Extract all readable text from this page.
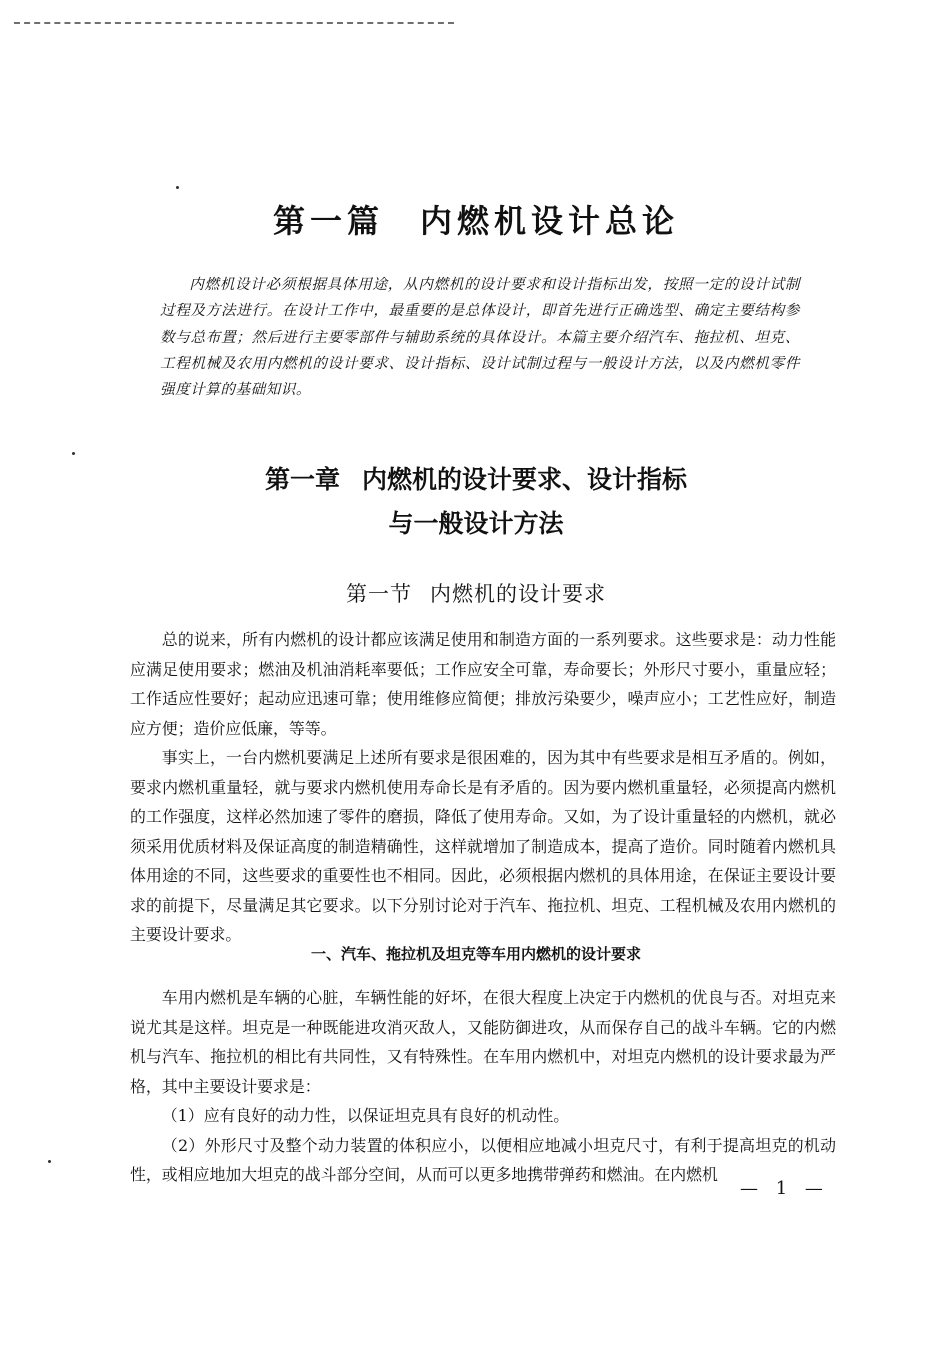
第一篇 内燃机设计总论
内燃机设计必须根据具体用途，从内燃机的设计要求和设计指标出发，按照一定的设计试制过程及方法进行。在设计工作中，最重要的是总体设计，即首先进行正确选型、确定主要结构参数与总布置；然后进行主要零部件与辅助系统的具体设计。本篇主要介绍汽车、拖拉机、坦克、工程机械及农用内燃机的设计要求、设计指标、设计试制过程与一般设计方法，以及内燃机零件强度计算的基础知识。
第一章 内燃机的设计要求、设计指标
与一般设计方法
第一节 内燃机的设计要求

总的说来，所有内燃机的设计都应该满足使用和制造方面的一系列要求。这些要求是：动力性能应满足使用要求；燃油及机油消耗率要低；工作应安全可靠，寿命要长；外形尺寸要小，重量应轻；工作适应性要好；起动应迅速可靠；使用维修应简便；排放污染要少，噪声应小；工艺性应好，制造应方便；造价应低廉，等等。

事实上，一台内燃机要满足上述所有要求是很困难的，因为其中有些要求是相互矛盾的。例如，要求内燃机重量轻，就与要求内燃机使用寿命长是有矛盾的。因为要内燃机重量轻，必须提高内燃机的工作强度，这样必然加速了零件的磨损，降低了使用寿命。又如，为了设计重量轻的内燃机，就必须采用优质材料及保证高度的制造精确性，这样就增加了制造成本，提高了造价。同时随着内燃机具体用途的不同，这些要求的重要性也不相同。因此，必须根据内燃机的具体用途，在保证主要设计要求的前提下，尽量满足其它要求。以下分别讨论对于汽车、拖拉机、坦克、工程机械及农用内燃机的主要设计要求。

一、汽车、拖拉机及坦克等车用内燃机的设计要求

车用内燃机是车辆的心脏，车辆性能的好坏，在很大程度上决定于内燃机的优良与否。对坦克来说尤其是这样。坦克是一种既能进攻消灭敌人，又能防御进攻，从而保存自己的战斗车辆。它的内燃机与汽车、拖拉机的相比有共同性，又有特殊性。在车用内燃机中，对坦克内燃机的设计要求最为严格，其中主要设计要求是：

（1）应有良好的动力性，以保证坦克具有良好的机动性。

（2）外形尺寸及整个动力装置的体积应小，以便相应地减小坦克尺寸，有利于提高坦克的机动性，或相应地加大坦克的战斗部分空间，从而可以更多地携带弹药和燃油。在内燃机

— 1 —
